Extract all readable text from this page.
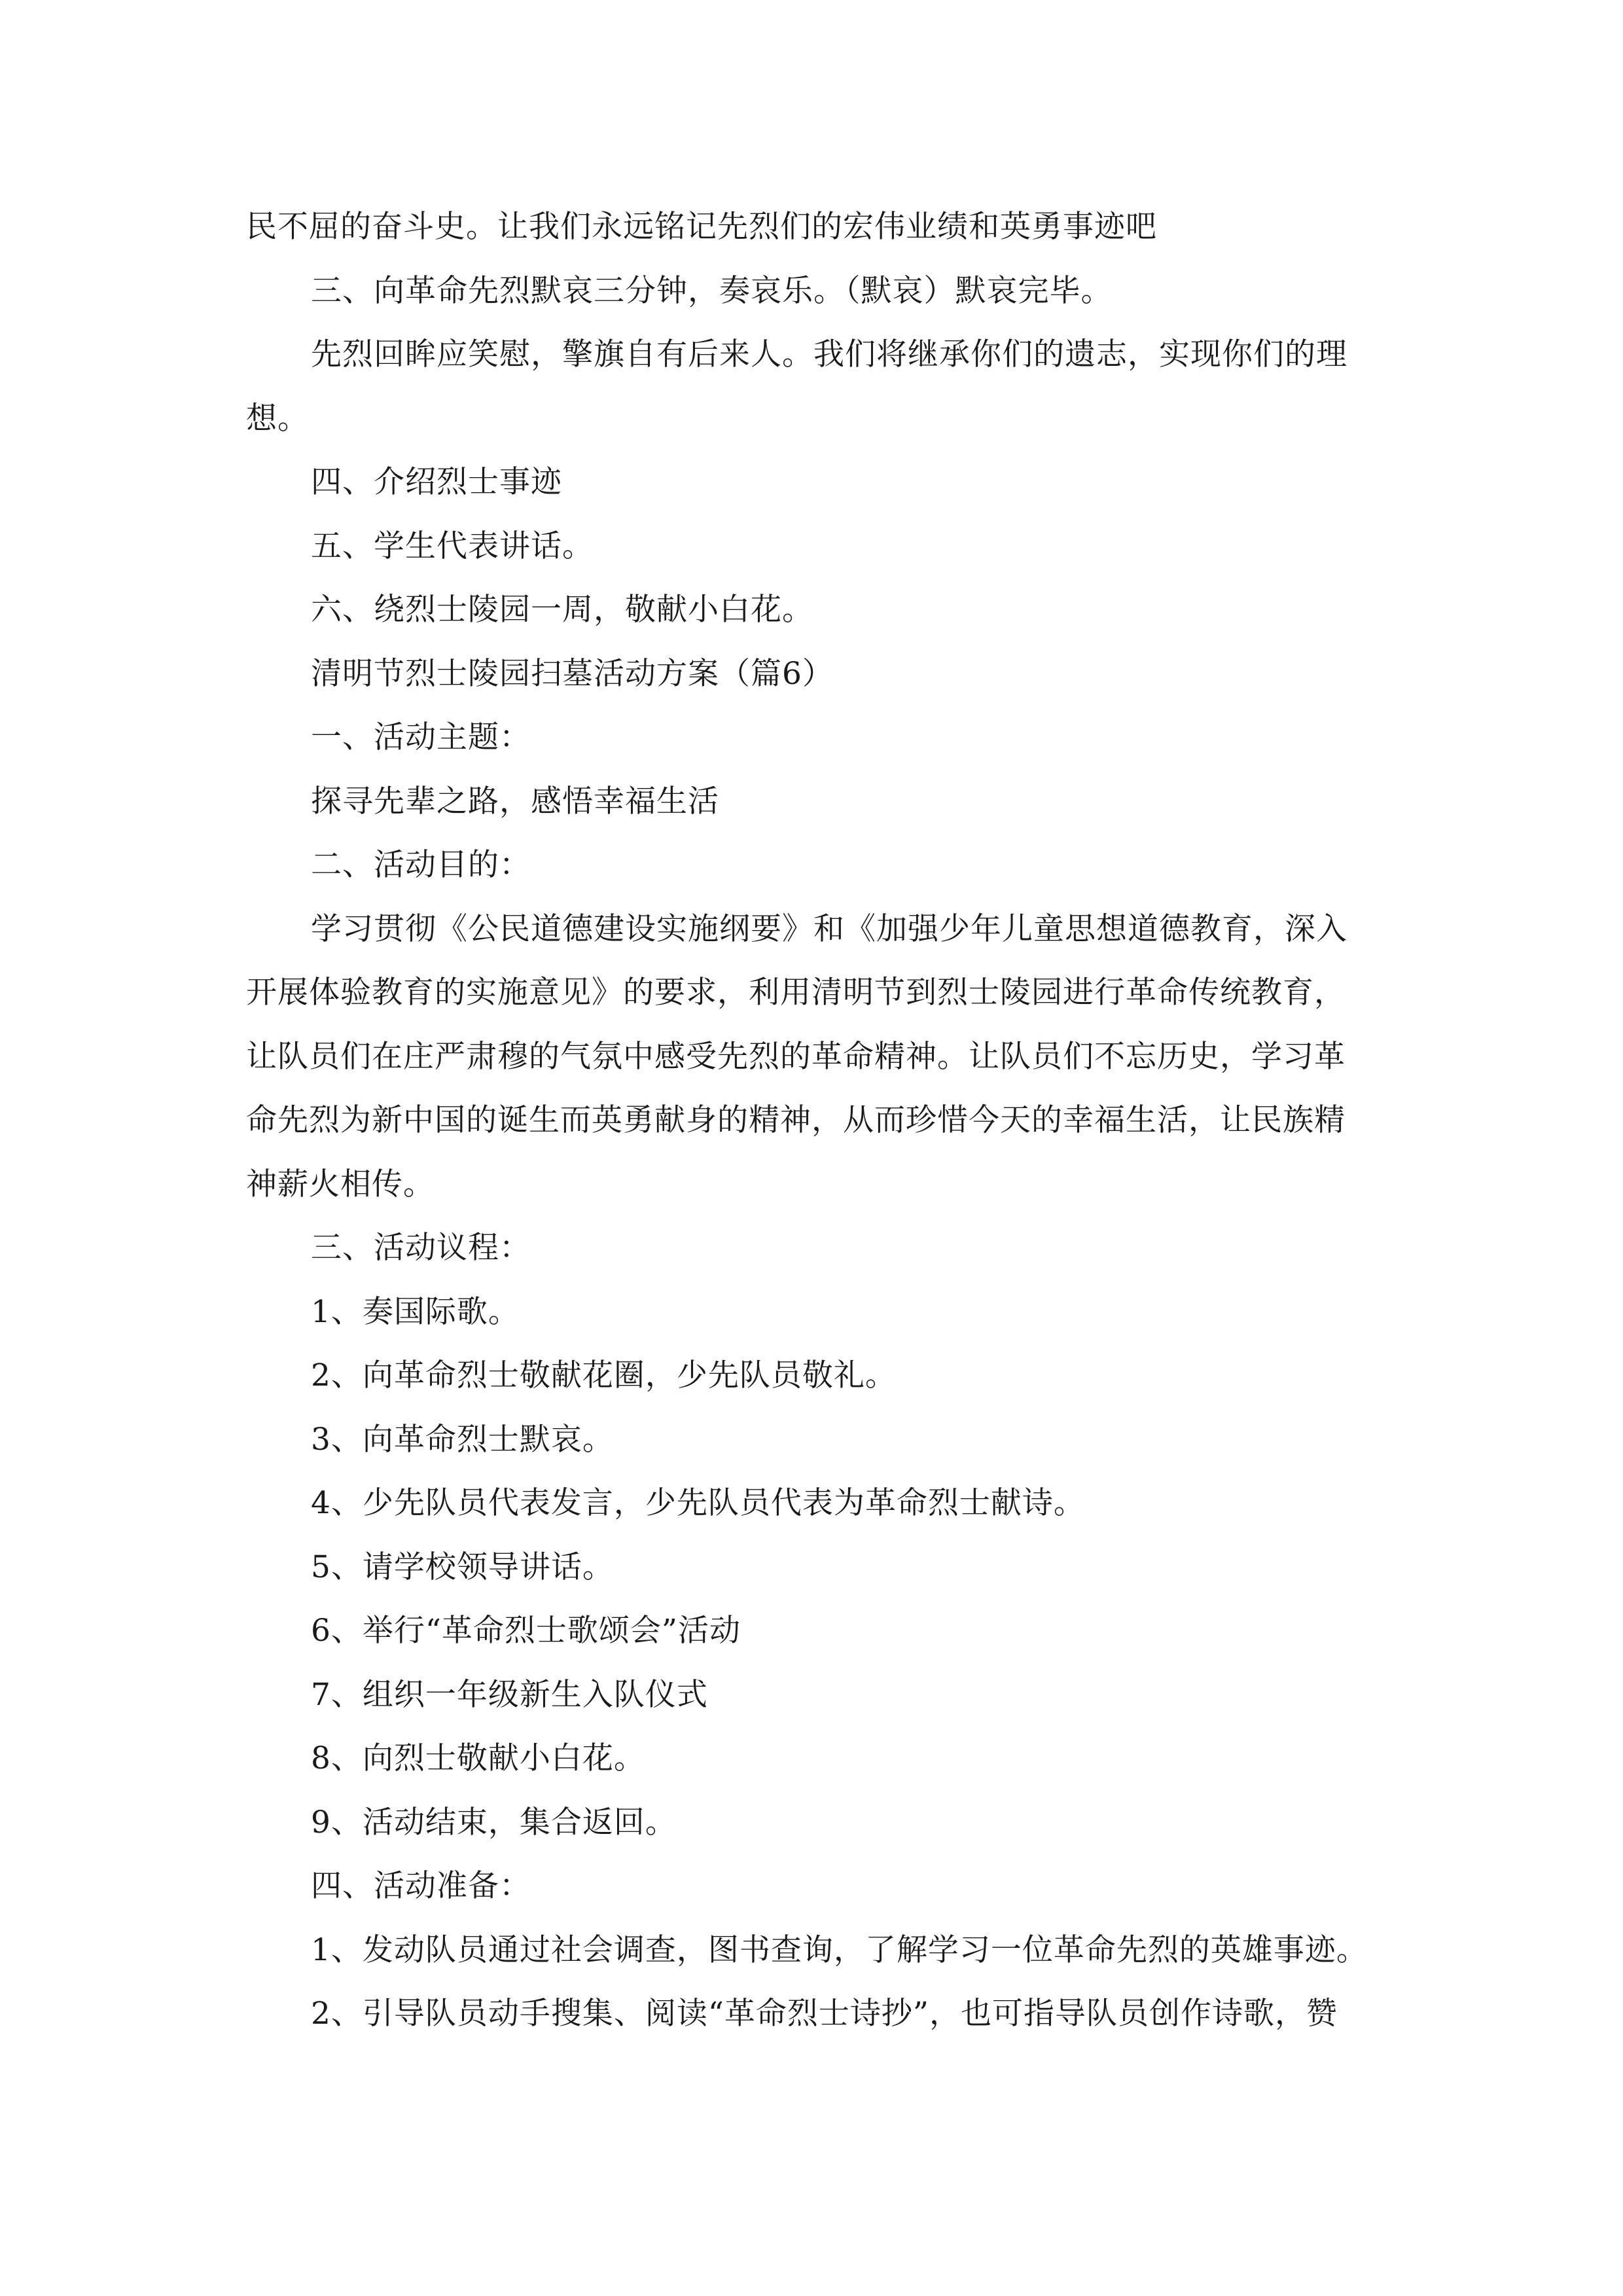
民不屈的奋斗史。让我们永远铭记先烈们的宏伟业绩和英勇事迹吧
三、向革命先烈默哀三分钟，奏哀乐。（默哀）默哀完毕。
先烈回眸应笑慰，擎旗自有后来人。我们将继承你们的遗志，实现你们的理
想。
四、介绍烈士事迹
五、学生代表讲话。
六、绕烈士陵园一周，敬献小白花。
清明节烈士陵园扫墓活动方案（篇6）
一、活动主题：
探寻先辈之路，感悟幸福生活
二、活动目的：
学习贯彻《公民道德建设实施纲要》和《加强少年儿童思想道德教育，深入
开展体验教育的实施意见》的要求，利用清明节到烈士陵园进行革命传统教育，
让队员们在庄严肃穆的气氛中感受先烈的革命精神。让队员们不忘历史，学习革
命先烈为新中国的诞生而英勇献身的精神，从而珍惜今天的幸福生活，让民族精
神薪火相传。
三、活动议程：
1、奏国际歌。
2、向革命烈士敬献花圈，少先队员敬礼。
3、向革命烈士默哀。
4、少先队员代表发言，少先队员代表为革命烈士献诗。
5、请学校领导讲话。
6、举行“革命烈士歌颂会”活动
7、组织一年级新生入队仪式
8、向烈士敬献小白花。
9、活动结束，集合返回。
四、活动准备：
1、发动队员通过社会调查，图书查询，了解学习一位革命先烈的英雄事迹。
2、引导队员动手搜集、阅读“革命烈士诗抄”，也可指导队员创作诗歌，赞
